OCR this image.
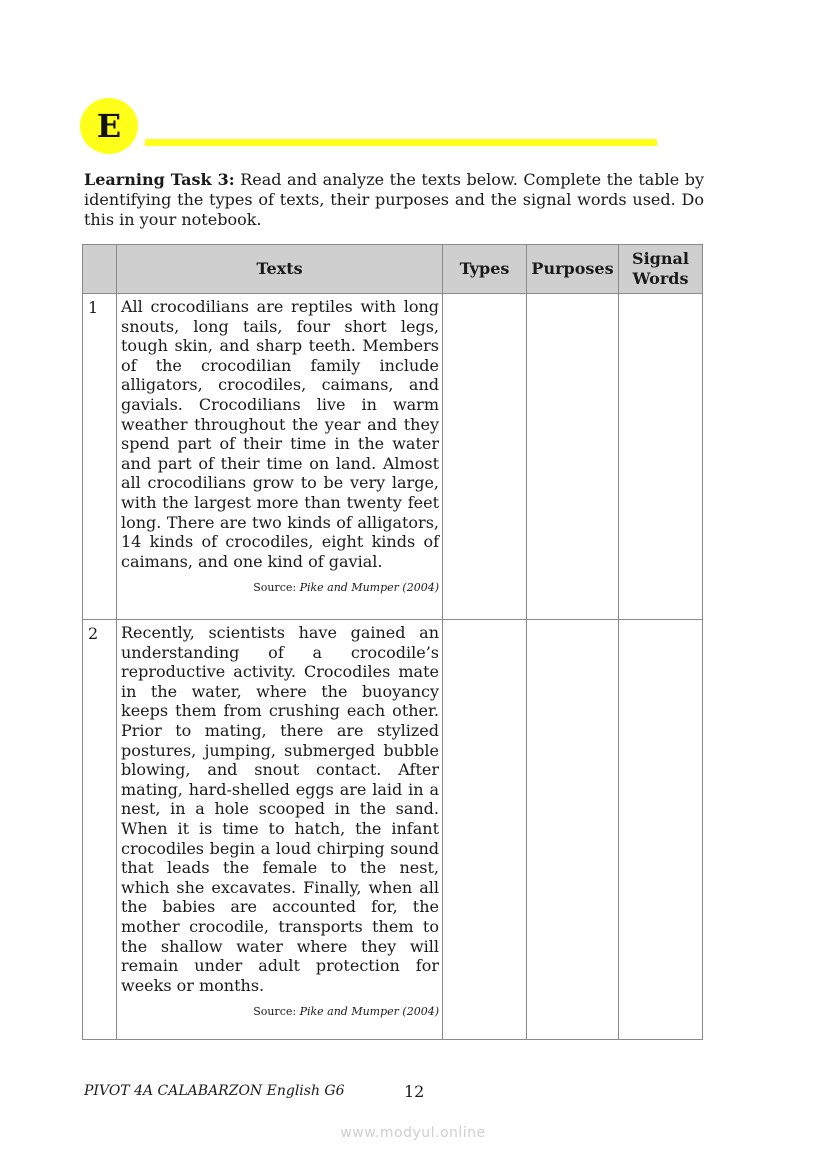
E
Learning Task 3: Read and analyze the texts below. Complete the table by identifying the types of texts, their purposes and the signal words used. Do this in your notebook.
	Texts	Types	Purposes	Signal Words
1	All crocodilians are reptiles with long snouts, long tails, four short legs, tough skin, and sharp teeth. Members of the crocodilian family include alligators, crocodiles, caimans, and gavials. Crocodilians live in warm weather throughout the year and they spend part of their time in the water and part of their time on land. Almost all crocodilians grow to be very large, with the largest more than twenty feet long. There are two kinds of alligators, 14 kinds of crocodiles, eight kinds of caimans, and one kind of gavial.
Source: Pike and Mumper (2004)			

2	Recently, scientists have gained an understanding of a crocodile’s reproductive activity. Crocodiles mate in the water, where the buoyancy keeps them from crushing each other. Prior to mating, there are stylized postures, jumping, submerged bubble blowing, and snout contact. After mating, hard-shelled eggs are laid in a nest, in a hole scooped in the sand. When it is time to hatch, the infant crocodiles begin a loud chirping sound that leads the female to the nest, which she excavates. Finally, when all the babies are accounted for, the mother crocodile, transports them to the shallow water where they will remain under adult protection for weeks or months.
Source: Pike and Mumper (2004)			

PIVOT 4A CALABARZON English G6	12
www.modyul.online
